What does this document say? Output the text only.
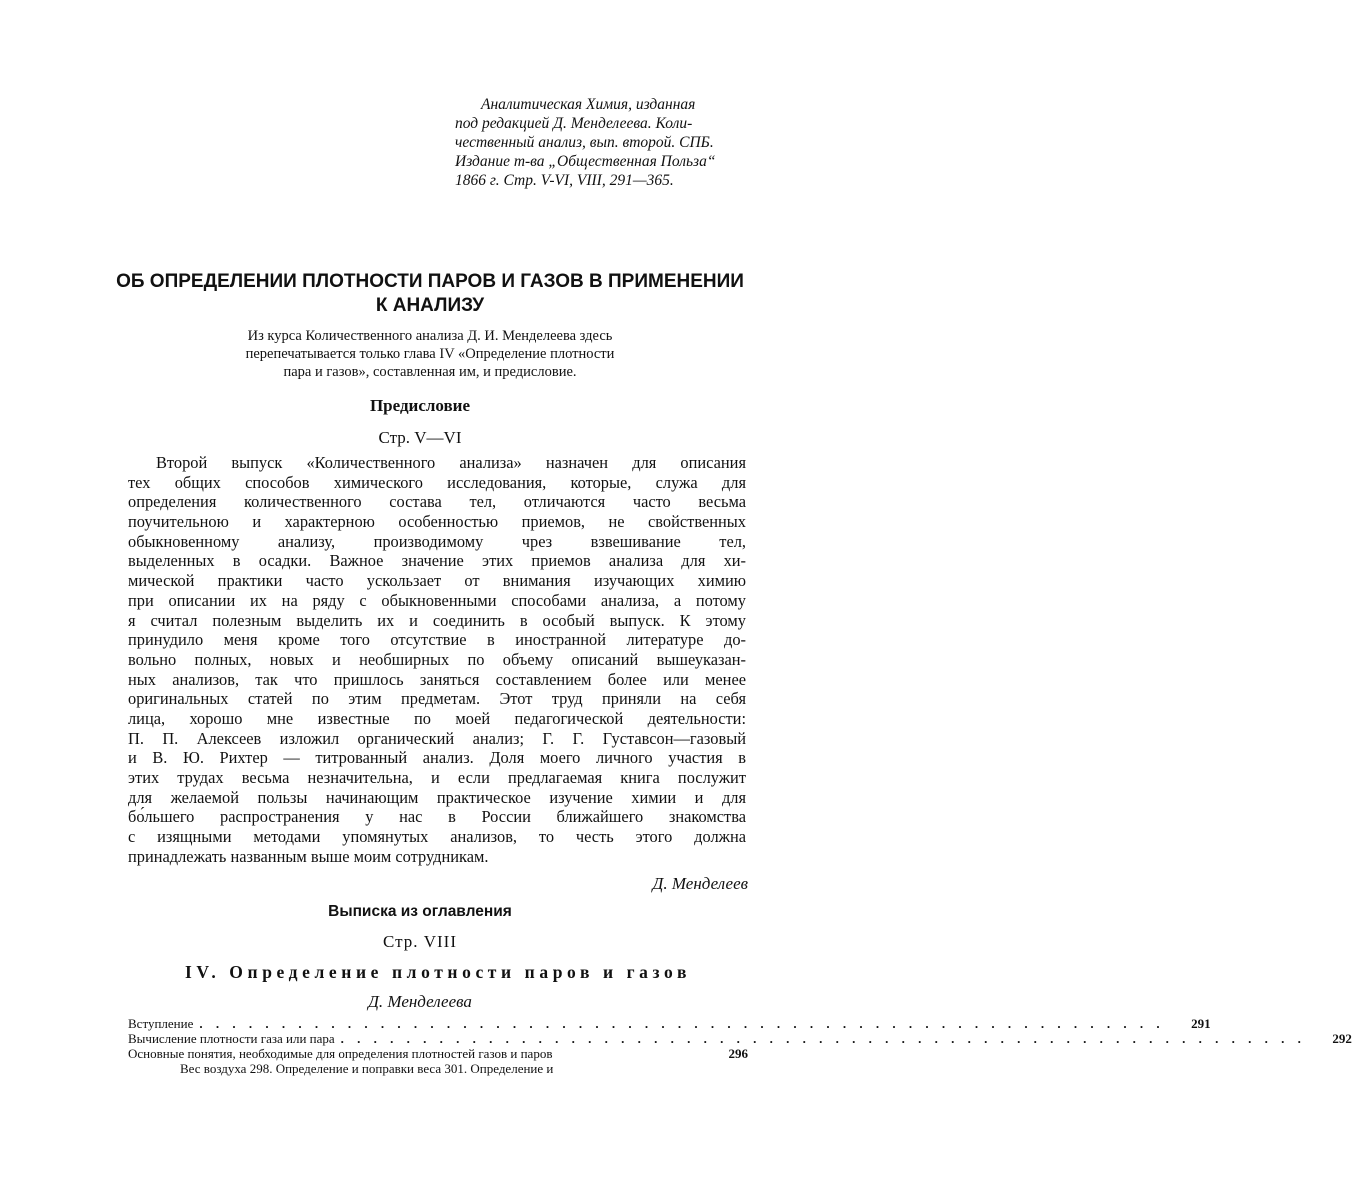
Аналитическая Химия, изданная
под редакцией Д. Менделеева. Коли-
чественный анализ, вып. второй. СПБ.
Издание т-ва „Общественная Польза“
1866 г. Стр. V-VI, VIII, 291—365.
ОБ ОПРЕДЕЛЕНИИ ПЛОТНОСТИ ПАРОВ И ГАЗОВ В ПРИМЕНЕНИИ
К АНАЛИЗУ
Из курса Количественного анализа Д. И. Менделеева здесь
перепечатывается только глава IV «Определение плотности
пара и газов», составленная им, и предисловие.
Предисловие
Стр. V—VI
Второй выпуск «Количественного анализа» назначен для описания
тех общих способов химического исследования, которые, служа для
определения количественного состава тел, отличаются часто весьма
поучительною и характерною особенностью приемов, не свойственных
обыкновенному анализу, производимому чрез взвешивание тел,
выделенных в осадки. Важное значение этих приемов анализа для хи-
мической практики часто ускользает от внимания изучающих химию
при описании их на ряду с обыкновенными способами анализа, а потому
я считал полезным выделить их и соединить в особый выпуск. К этому
принудило меня кроме того отсутствие в иностранной литературе до-
вольно полных, новых и необширных по объему описаний вышеуказан-
ных анализов, так что пришлось заняться составлением более или менее
оригинальных статей по этим предметам. Этот труд приняли на себя
лица, хорошо мне известные по моей педагогической деятельности:
П. П. Алексеев изложил органический анализ; Г. Г. Густавсон—газовый
и В. Ю. Рихтер — титрованный анализ. Доля моего личного участия в
этих трудах весьма незначительна, и если предлагаемая книга послужит
для желаемой пользы начинающим практическое изучение химии и для
бо́льшего распространения у нас в России ближайшего знакомства
с изящными методами упомянутых анализов, то честь этого должна
принадлежать названным выше моим сотрудникам.
Д. Менделеев
Выписка из оглавления
Стр. VIII
IV. Определение плотности паров и газов
Д. Менделеева
Вступление . . . . . . . . . . . . . . . . . . . . . . . . . . . . . . . . . . . . . . . . . . . . . . . . . . . . . . . . . . .	291
Вычисление плотности газа или пара . . . . . . . . . . . . . . . . . . . . . . . . . . . . . . . . . . . . . . . . . . . . . . . . . . . . . . . . . . .	292
Основные понятия, необходимые для определения плотностей газов и паров	296
Вес воздуха 298. Определение и поправки веса 301. Определение и
